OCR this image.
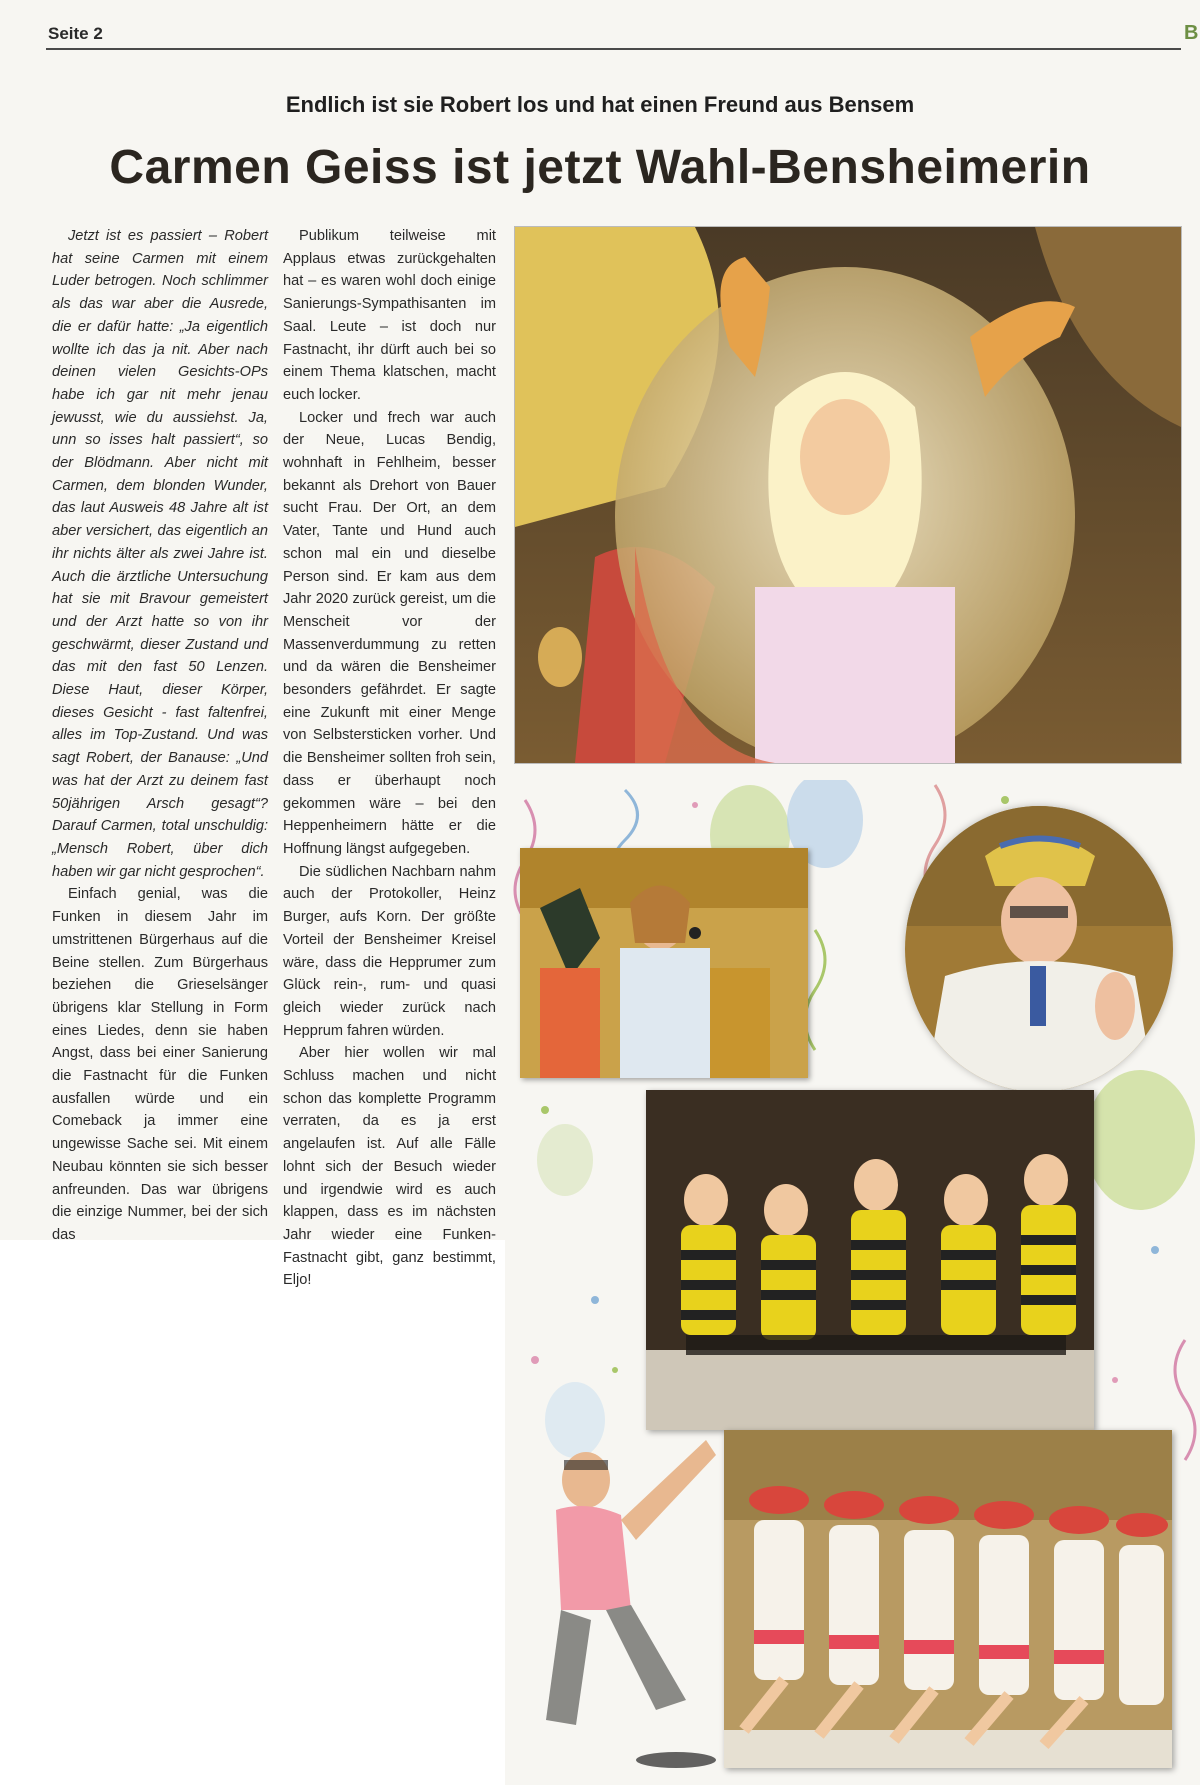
Seite 2	B
Endlich ist sie Robert los und hat einen Freund aus Bensem
Carmen Geiss ist jetzt Wahl-Bensheimerin

Jetzt ist es passiert – Robert hat seine Carmen mit einem Luder betrogen. Noch schlimmer als das war aber die Ausrede, die er dafür hatte: „Ja eigentlich wollte ich das ja nit. Aber nach deinen vielen Gesichts-OPs habe ich gar nit mehr jenau jewusst, wie du aussiehst. Ja, unn so isses halt passiert“, so der Blödmann. Aber nicht mit Carmen, dem blonden Wunder, das laut Ausweis 48 Jahre alt ist aber versichert, das eigentlich an ihr nichts älter als zwei Jahre ist. Auch die ärztliche Untersuchung hat sie mit Bravour gemeistert und der Arzt hatte so von ihr geschwärmt, dieser Zustand und das mit den fast 50 Lenzen. Diese Haut, dieser Körper, dieses Gesicht - fast faltenfrei, alles im Top-Zustand. Und was sagt Robert, der Banause: „Und was hat der Arzt zu deinem fast 50jährigen Arsch gesagt“? Darauf Carmen, total unschuldig: „Mensch Robert, über dich haben wir gar nicht gesprochen“.

Einfach genial, was die Funken in diesem Jahr im umstrittenen Bürgerhaus auf die Beine stellen. Zum Bürgerhaus beziehen die Grieselsänger übrigens klar Stellung in Form eines Liedes, denn sie haben Angst, dass bei einer Sanierung die Fastnacht für die Funken ausfallen würde und ein Comeback ja immer eine ungewisse Sache sei. Mit einem Neubau könnten sie sich besser anfreunden. Das war übrigens die einzige Nummer, bei der sich das

Publikum teilweise mit Applaus etwas zurückgehalten hat – es waren wohl doch einige Sanierungs-Sympathisanten im Saal. Leute – ist doch nur Fastnacht, ihr dürft auch bei so einem Thema klatschen, macht euch locker.

Locker und frech war auch der Neue, Lucas Bendig, wohnhaft in Fehlheim, besser bekannt als Drehort von Bauer sucht Frau. Der Ort, an dem Vater, Tante und Hund auch schon mal ein und dieselbe Person sind. Er kam aus dem Jahr 2020 zurück gereist, um die Menscheit vor der Massenverdummung zu retten und da wären die Bensheimer besonders gefährdet. Er sagte eine Zukunft mit einer Menge von Selbstersticken vorher. Und die Bensheimer sollten froh sein, dass er überhaupt noch gekommen wäre – bei den Heppenheimern hätte er die Hoffnung längst aufgegeben.

Die südlichen Nachbarn nahm auch der Protokoller, Heinz Burger, aufs Korn. Der größte Vorteil der Bensheimer Kreisel wäre, dass die Hepprumer zum Glück rein-, rum- und quasi gleich wieder zurück nach Hepprum fahren würden.

Aber hier wollen wir mal Schluss machen und nicht schon das komplette Programm verraten, da es ja erst angelaufen ist. Auf alle Fälle lohnt sich der Besuch wieder und irgendwie wird es auch klappen, dass es im nächsten Jahr wieder eine Funken-Fastnacht gibt, ganz bestimmt, Eljo!
